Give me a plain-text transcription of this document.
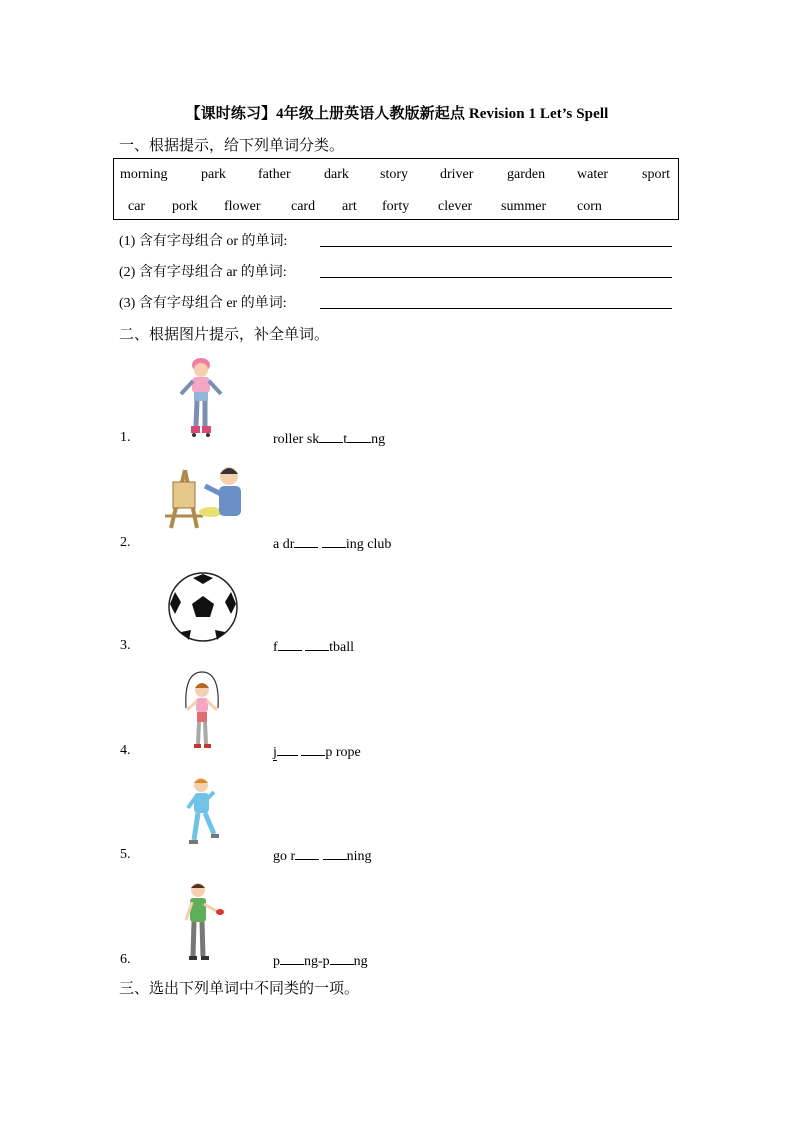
【课时练习】4年级上册英语人教版新起点 Revision 1 Let’s Spell
一、根据提示，给下列单词分类。
morning park father dark story driver garden water sport
car pork flower card art forty clever summer corn
(1) 含有字母组合 or 的单词:
(2) 含有字母组合 ar 的单词:
(3) 含有字母组合 er 的单词:
二、根据图片提示，补全单词。
1.	roller sk t ng
2.	a dr	ing club
3.	f	tball
4.	j	p rope
5.	go r	ning
6.	p ng-p ng
三、选出下列单词中不同类的一项。
